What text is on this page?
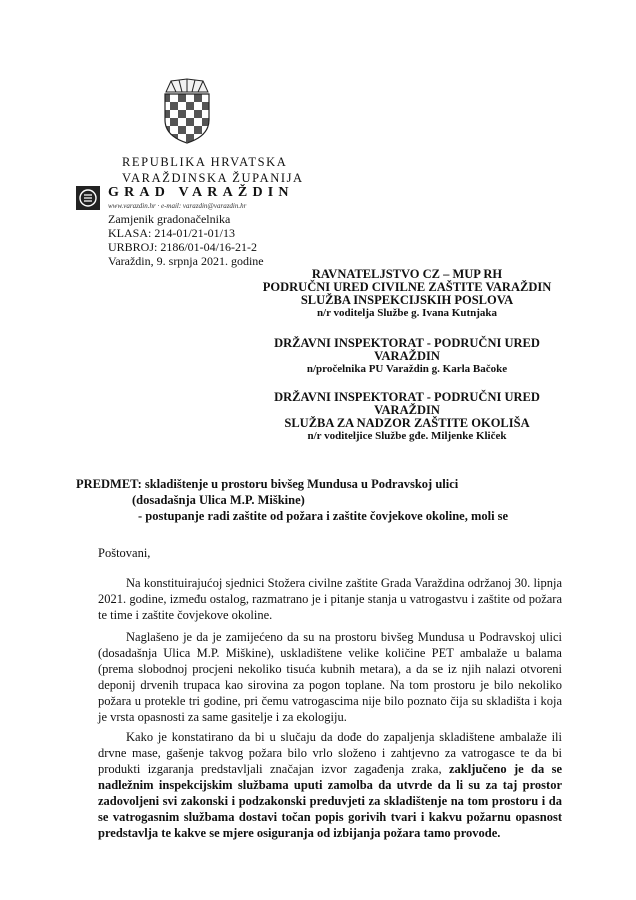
REPUBLIKA HRVATSKA
VARAŽDINSKA ŽUPANIJA
GRAD VARAŽDIN
www.varazdin.hr · e-mail: varazdin@varazdin.hr
Zamjenik gradonačelnika
KLASA: 214-01/21-01/13
URBROJ: 2186/01-04/16-21-2
Varaždin, 9. srpnja 2021. godine
RAVNATELJSTVO CZ – MUP RH
PODRUČNI URED CIVILNE ZAŠTITE VARAŽDIN
SLUŽBA INSPEKCIJSKIH POSLOVA
n/r voditelja Službe g. Ivana Kutnjaka
DRŽAVNI INSPEKTORAT - PODRUČNI URED
VARAŽDIN
n/pročelnika PU Varaždin g. Karla Bačoke
DRŽAVNI INSPEKTORAT - PODRUČNI URED
VARAŽDIN
SLUŽBA ZA NADZOR ZAŠTITE OKOLIŠA
n/r voditeljice Službe gđe. Miljenke Kliček
PREDMET: skladištenje u prostoru bivšeg Mundusa u Podravskoj ulici
(dosadašnja Ulica M.P. Miškine)
- postupanje radi zaštite od požara i zaštite čovjekove okoline, moli se
Poštovani,
Na konstituirajućoj sjednici Stožera civilne zaštite Grada Varaždina održanoj 30. lipnja 2021. godine, između ostalog, razmatrano je i pitanje stanja u vatrogastvu i zaštite od požara te time i zaštite čovjekove okoline.
Naglašeno je da je zamijećeno da su na prostoru bivšeg Mundusa u Podravskoj ulici (dosadašnja Ulica M.P. Miškine), uskladištene velike količine PET ambalaže u balama (prema slobodnoj procjeni nekoliko tisuća kubnih metara), a da se iz njih nalazi otvoreni deponij drvenih trupaca kao sirovina za pogon toplane. Na tom prostoru je bilo nekoliko požara u protekle tri godine, pri čemu vatrogascima nije bilo poznato čija su skladišta i koja je vrsta opasnosti za same gasitelje i za ekologiju.
Kako je konstatirano da bi u slučaju da dođe do zapaljenja skladištene ambalaže ili drvne mase, gašenje takvog požara bilo vrlo složeno i zahtjevno za vatrogasce te da bi produkti izgaranja predstavljali značajan izvor zagađenja zraka, zaključeno je da se nadležnim inspekcijskim službama uputi zamolba da utvrde da li su za taj prostor zadovoljeni svi zakonski i podzakonski preduvjeti za skladištenje na tom prostoru i da se vatrogasnim službama dostavi točan popis gorivih tvari i kakvu požarnu opasnost predstavlja te kakve se mjere osiguranja od izbijanja požara tamo provode.
